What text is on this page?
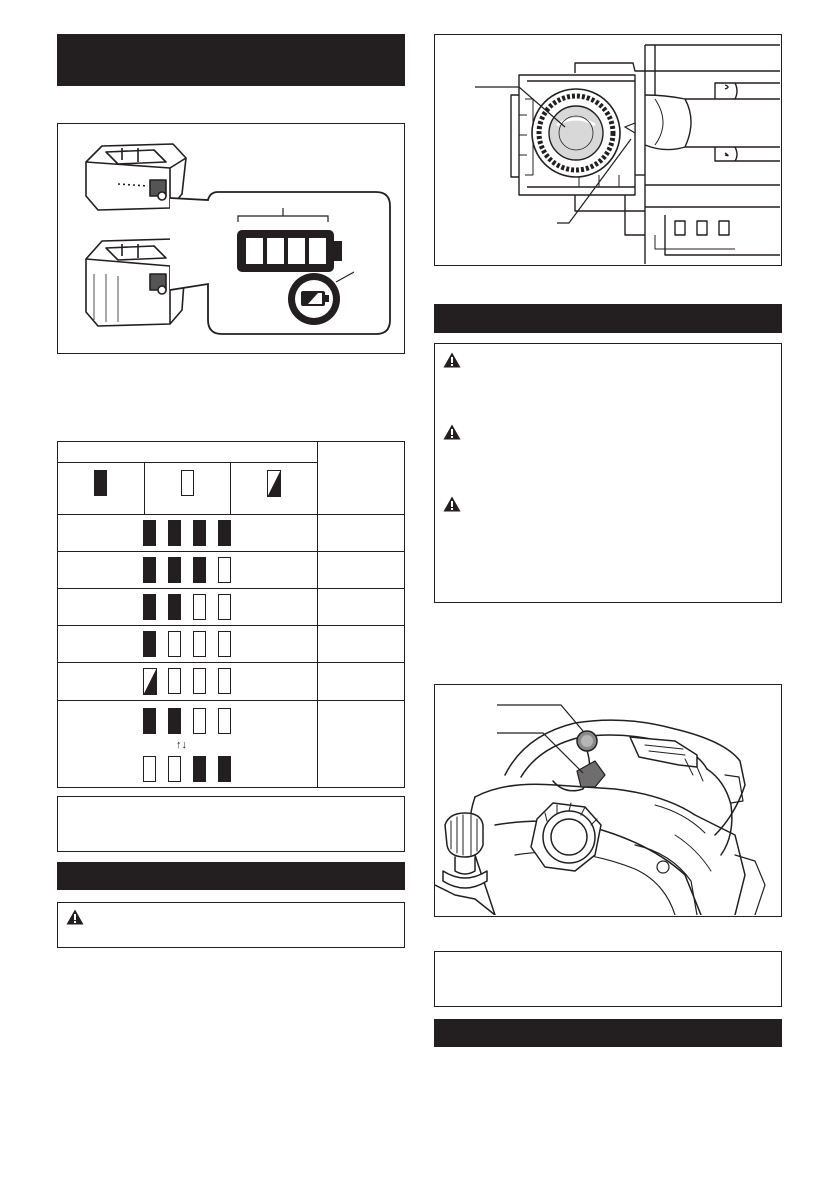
↑↓
